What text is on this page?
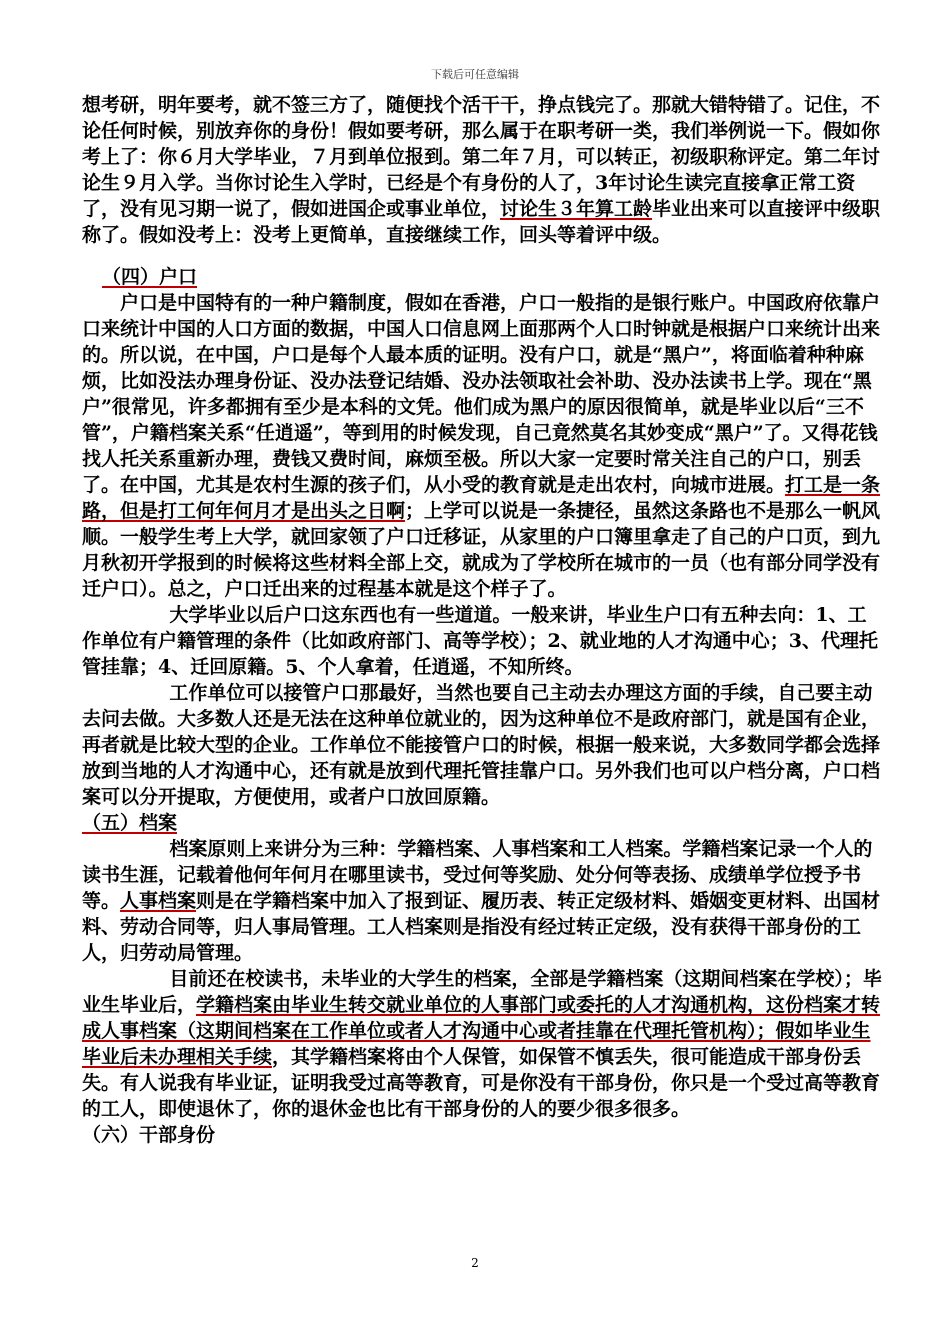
下载后可任意编辑

想考研，明年要考，就不签三方了，随便找个活干干，挣点钱完了。那就大错特错了。记住，不论任何时候，别放弃你的身份！假如要考研，那么属于在职考研一类，我们举例说一下。假如你考上了：你６月大学毕业，７月到单位报到。第二年７月，可以转正，初级职称评定。第二年讨论生９月入学。当你讨论生入学时，已经是个有身份的人了，3年讨论生读完直接拿正常工资了，没有见习期一说了，假如进国企或事业单位，讨论生３年算工龄毕业出来可以直接评中级职称了。假如没考上：没考上更简单，直接继续工作，回头等着评中级。

（四）户口

户口是中国特有的一种户籍制度，假如在香港，户口一般指的是银行账户。中国政府依靠户口来统计中国的人口方面的数据，中国人口信息网上面那两个人口时钟就是根据户口来统计出来的。所以说，在中国，户口是每个人最本质的证明。没有户口，就是“黑户”，将面临着种种麻烦，比如没法办理身份证、没办法登记结婚、没办法领取社会补助、没办法读书上学。现在“黑户”很常见，许多都拥有至少是本科的文凭。他们成为黑户的原因很简单，就是毕业以后“三不管”，户籍档案关系“任逍遥”，等到用的时候发现，自己竟然莫名其妙变成“黑户”了。又得花钱找人托关系重新办理，费钱又费时间，麻烦至极。所以大家一定要时常关注自己的户口，别丢了。在中国，尤其是农村生源的孩子们，从小受的教育就是走出农村，向城市进展。打工是一条路，但是打工何年何月才是出头之日啊；上学可以说是一条捷径，虽然这条路也不是那么一帆风顺。一般学生考上大学，就回家领了户口迁移证，从家里的户口簿里拿走了自己的户口页，到九月秋初开学报到的时候将这些材料全部上交，就成为了学校所在城市的一员（也有部分同学没有迁户口）。总之，户口迁出来的过程基本就是这个样子了。

大学毕业以后户口这东西也有一些道道。一般来讲，毕业生户口有五种去向：1、工作单位有户籍管理的条件（比如政府部门、高等学校）；2、就业地的人才沟通中心；3、代理托管挂靠；4、迁回原籍。5、个人拿着，任逍遥，不知所终。

工作单位可以接管户口那最好，当然也要自己主动去办理这方面的手续，自己要主动去问去做。大多数人还是无法在这种单位就业的，因为这种单位不是政府部门，就是国有企业，再者就是比较大型的企业。工作单位不能接管户口的时候，根据一般来说，大多数同学都会选择放到当地的人才沟通中心，还有就是放到代理托管挂靠户口。另外我们也可以户档分离，户口档案可以分开提取，方便使用，或者户口放回原籍。

（五）档案

档案原则上来讲分为三种：学籍档案、人事档案和工人档案。学籍档案记录一个人的读书生涯，记载着他何年何月在哪里读书，受过何等奖励、处分何等表扬、成绩单学位授予书等。人事档案则是在学籍档案中加入了报到证、履历表、转正定级材料、婚姻变更材料、出国材料、劳动合同等，归人事局管理。工人档案则是指没有经过转正定级，没有获得干部身份的工人，归劳动局管理。

目前还在校读书，未毕业的大学生的档案，全部是学籍档案（这期间档案在学校）；毕业生毕业后，学籍档案由毕业生转交就业单位的人事部门或委托的人才沟通机构，这份档案才转成人事档案（这期间档案在工作单位或者人才沟通中心或者挂靠在代理托管机构）；假如毕业生毕业后未办理相关手续，其学籍档案将由个人保管，如保管不慎丢失，很可能造成干部身份丢失。有人说我有毕业证，证明我受过高等教育，可是你没有干部身份，你只是一个受过高等教育的工人，即使退休了，你的退休金也比有干部身份的人的要少很多很多。

（六）干部身份

2
